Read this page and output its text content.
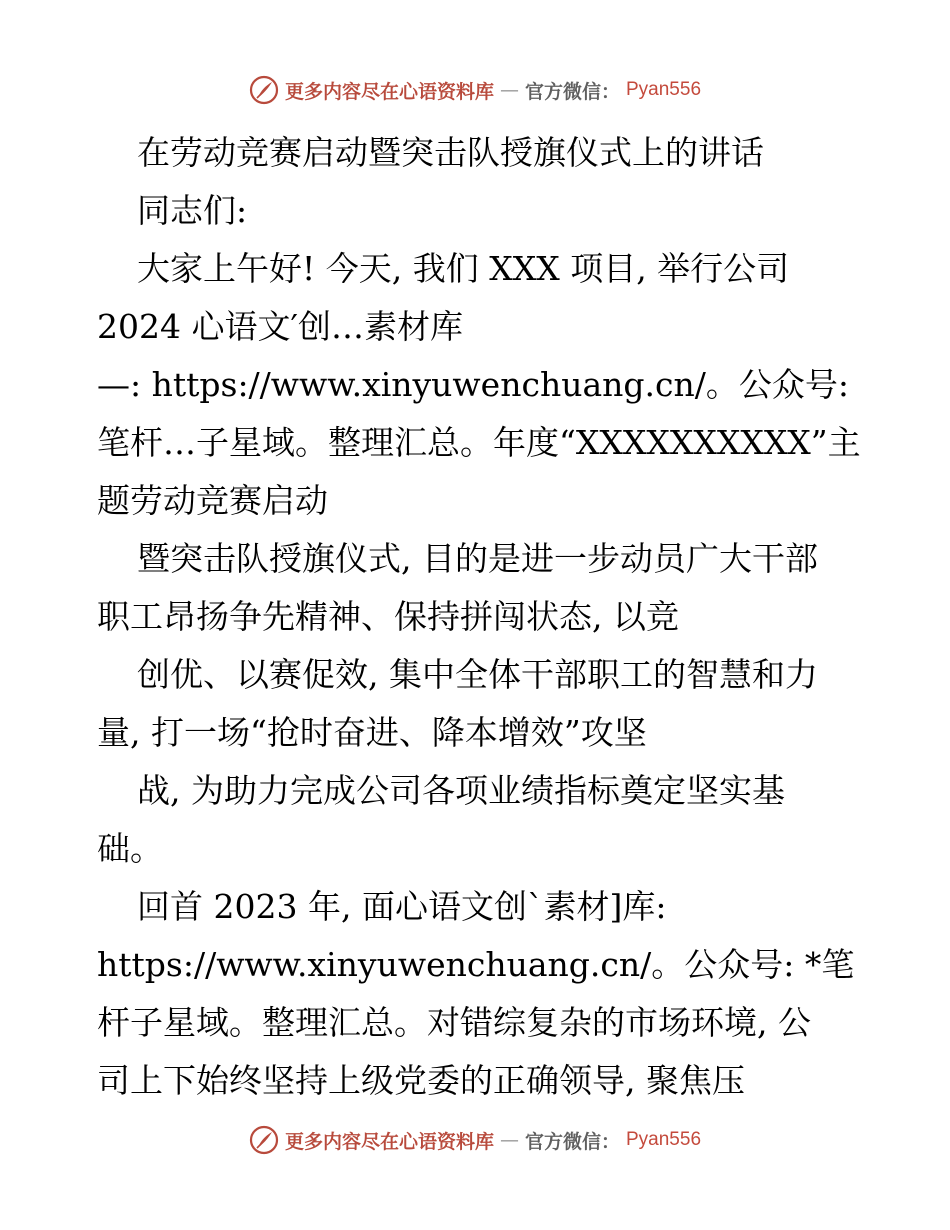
更多内容尽在心语资料库 — 官方微信： Pyan556
在劳动竞赛启动暨突击队授旗仪式上的讲话
同志们:
大家上午好! 今天, 我们 XXX 项目, 举行公司
2024 心语文′创…素材库
—: https://www.xinyuwenchuang.cn/。公众号:
笔杆…子星域。整理汇总。年度“XXXXXXXXXX”主
题劳动竞赛启动
暨突击队授旗仪式, 目的是进一步动员广大干部
职工昂扬争先精神、保持拼闯状态, 以竞
创优、以赛促效, 集中全体干部职工的智慧和力
量, 打一场“抢时奋进、降本增效”攻坚
战, 为助力完成公司各项业绩指标奠定坚实基
础。
回首 2023 年, 面心语文创`素材]库:
https://www.xinyuwenchuang.cn/。公众号: *笔
杆子星域。整理汇总。对错综复杂的市场环境, 公
司上下始终坚持上级党委的正确领导, 聚焦压
更多内容尽在心语资料库 — 官方微信： Pyan556
